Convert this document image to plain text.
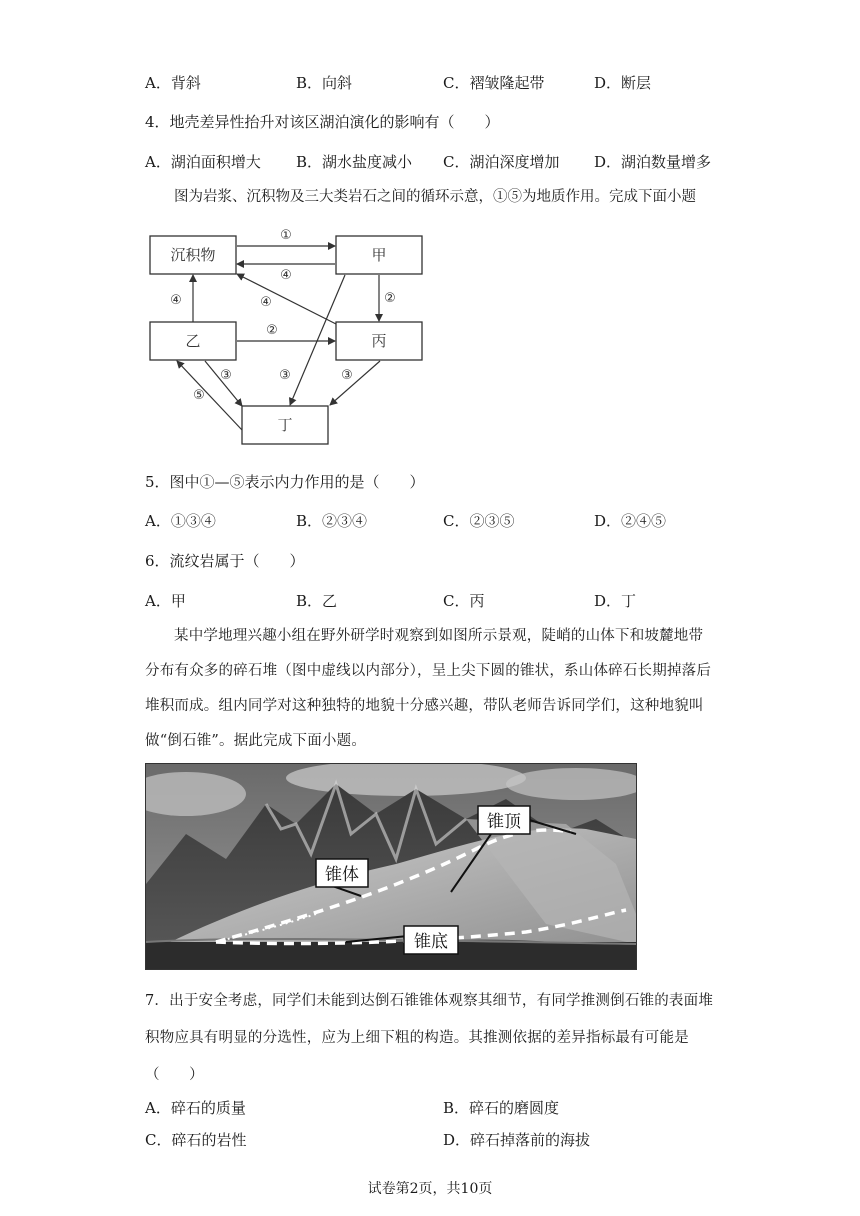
A．背斜	B．向斜	C．褶皱隆起带	D．断层
4．地壳差异性抬升对该区湖泊演化的影响有（　　）
A．湖泊面积增大 B．湖水盐度减小 C．湖泊深度增加 D．湖泊数量增多
图为岩浆、沉积物及三大类岩石之间的循环示意，①⑤为地质作用。完成下面小题
沉积物	甲
乙	丙
丁
①
④
②
④
②
④
③	③	③
⑤
5．图中①—⑤表示内力作用的是（　　）
A．①③④	B．②③④	C．②③⑤	D．②④⑤
6．流纹岩属于（　　）
A．甲	B．乙	C．丙	D．丁
某中学地理兴趣小组在野外研学时观察到如图所示景观，陡峭的山体下和坡麓地带分布有众多的碎石堆（图中虚线以内部分），呈上尖下圆的锥状，系山体碎石长期掉落后堆积而成。组内同学对这种独特的地貌十分感兴趣，带队老师告诉同学们，这种地貌叫做“倒石锥”。据此完成下面小题。
锥顶
锥体
锥底
7．出于安全考虑，同学们未能到达倒石锥锥体观察其细节，有同学推测倒石锥的表面堆积物应具有明显的分选性，应为上细下粗的构造。其推测依据的差异指标最有可能是（　　）
A．碎石的质量	B．碎石的磨圆度
C．碎石的岩性	D．碎石掉落前的海拔
试卷第2页，共10页
